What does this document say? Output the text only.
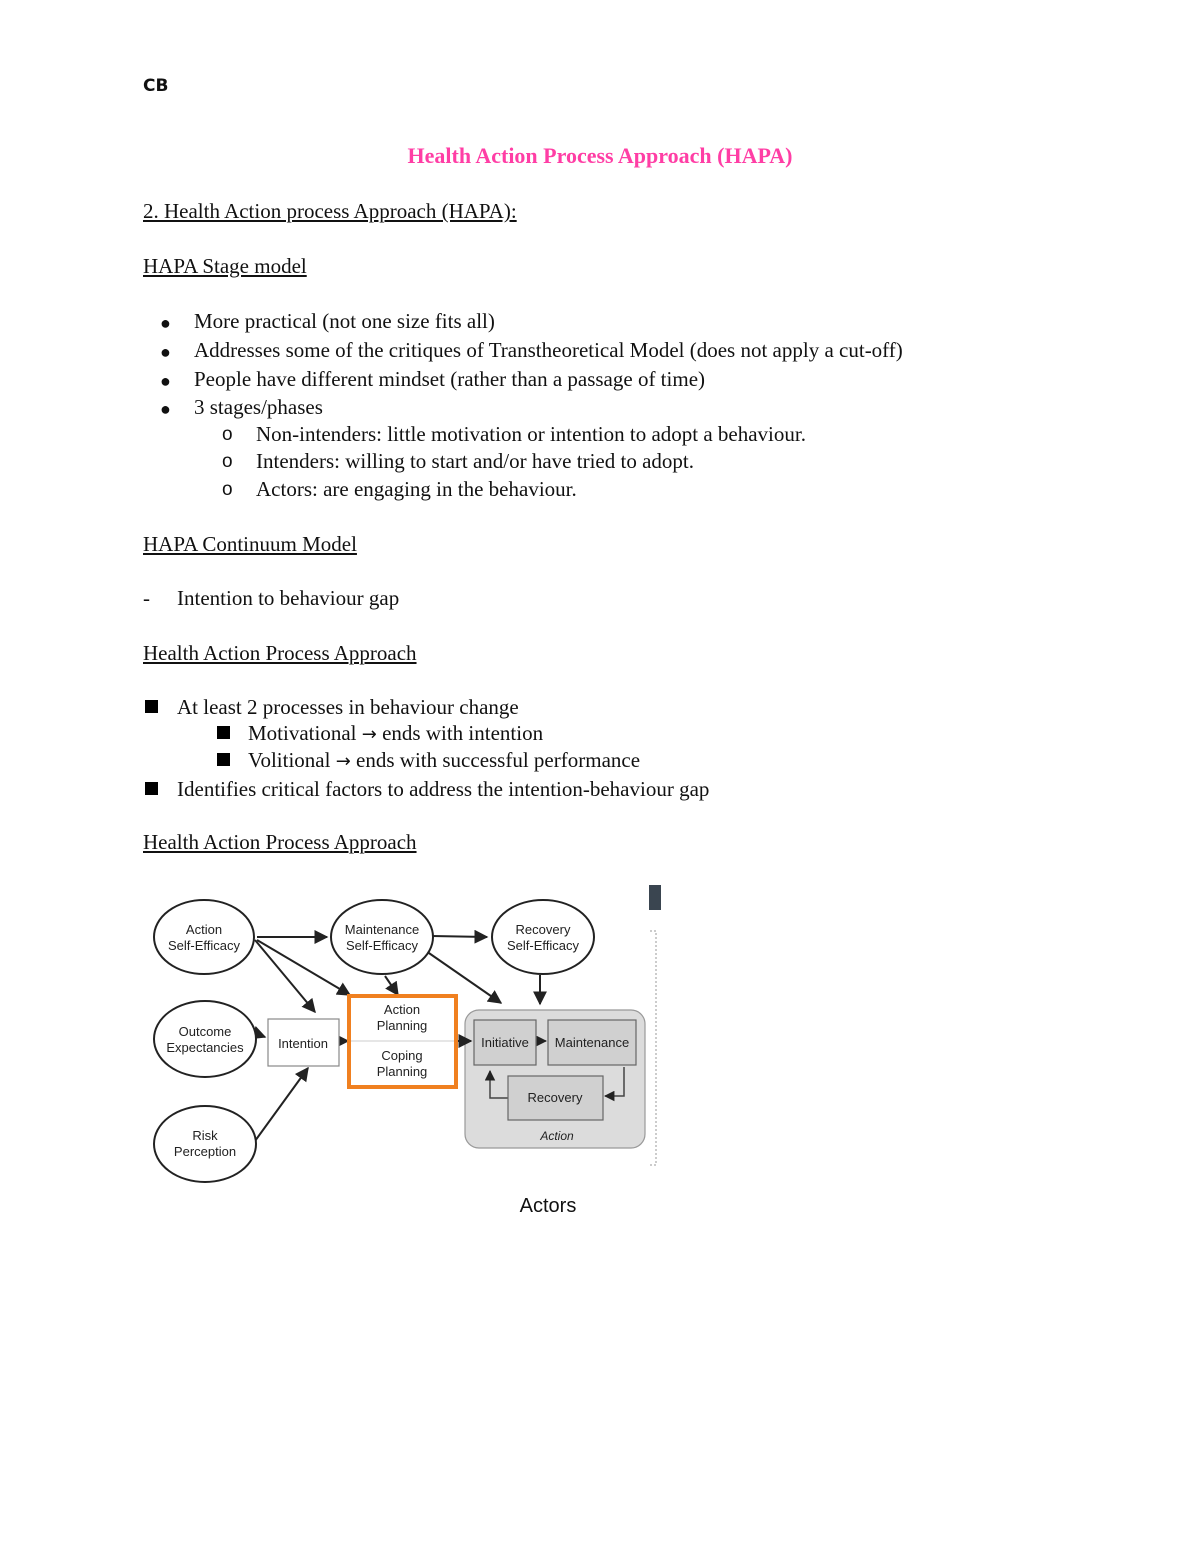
CB
Health Action Process Approach (HAPA)
2. Health Action process Approach (HAPA):
HAPA Stage model
● More practical (not one size fits all)
● Addresses some of the critiques of Transtheoretical Model (does not apply a cut-off)
● People have different mindset (rather than a passage of time)
● 3 stages/phases
o Non-intenders: little motivation or intention to adopt a behaviour.
o Intenders: willing to start and/or have tried to adopt.
o Actors: are engaging in the behaviour.
HAPA Continuum Model
- Intention to behaviour gap
Health Action Process Approach
At least 2 processes in behaviour change
Motivational → ends with intention
Volitional → ends with successful performance
Identifies critical factors to address the intention-behaviour gap
Health Action Process Approach
Action
Self-Efficacy
Maintenance
Self-Efficacy
Recovery
Self-Efficacy
Outcome
Expectancies
Risk
Perception
Intention
Action
Planning
Coping
Planning
Initiative Maintenance
Recovery
Action
Actors
